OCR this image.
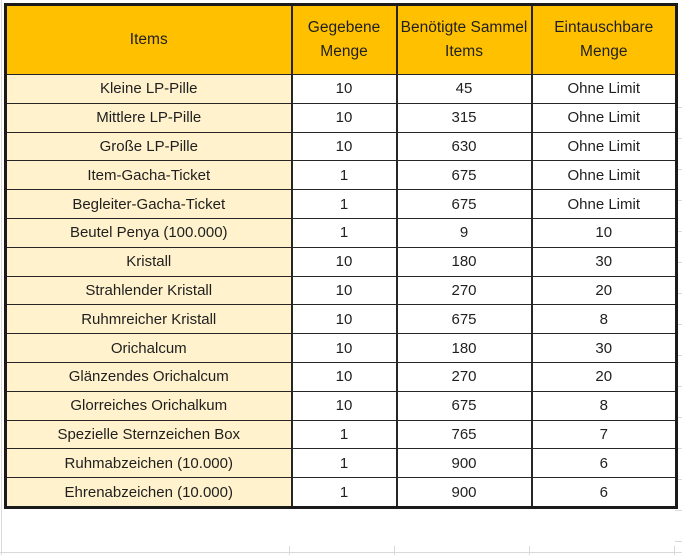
Items	Gegebene Menge	Benötigte Sammel Items	Eintauschbare Menge
Kleine LP-Pille	10	45	Ohne Limit
Mittlere LP-Pille	10	315	Ohne Limit
Große LP-Pille	10	630	Ohne Limit
Item-Gacha-Ticket	1	675	Ohne Limit
Begleiter-Gacha-Ticket	1	675	Ohne Limit
Beutel Penya (100.000)	1	9	10
Kristall	10	180	30
Strahlender Kristall	10	270	20
Ruhmreicher Kristall	10	675	8
Orichalcum	10	180	30
Glänzendes Orichalcum	10	270	20
Glorreiches Orichalkum	10	675	8
Spezielle Sternzeichen Box	1	765	7
Ruhmabzeichen (10.000)	1	900	6
Ehrenabzeichen (10.000)	1	900	6
